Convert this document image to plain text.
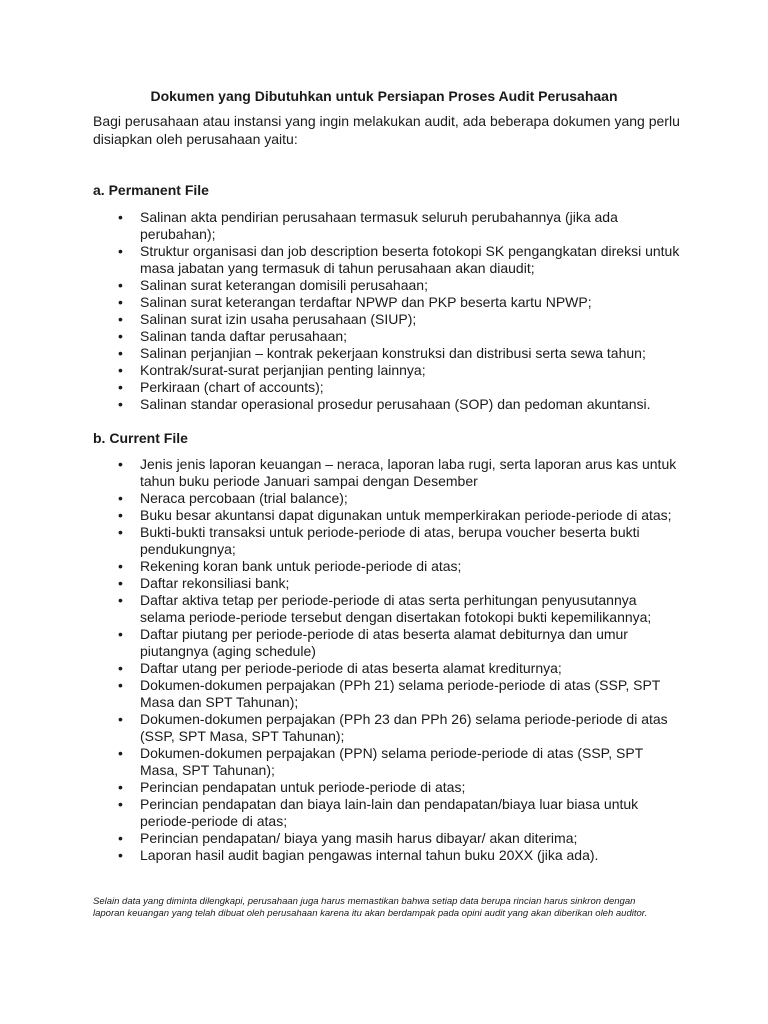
Dokumen yang Dibutuhkan untuk Persiapan Proses Audit Perusahaan

Bagi perusahaan atau instansi yang ingin melakukan audit, ada beberapa dokumen yang perlu disiapkan oleh perusahaan yaitu:

a. Permanent File

•	Salinan akta pendirian perusahaan termasuk seluruh perubahannya (jika ada perubahan);
•	Struktur organisasi dan job description beserta fotokopi SK pengangkatan direksi untuk masa jabatan yang termasuk di tahun perusahaan akan diaudit;
•	Salinan surat keterangan domisili perusahaan;
•	Salinan surat keterangan terdaftar NPWP dan PKP beserta kartu NPWP;
•	Salinan surat izin usaha perusahaan (SIUP);
•	Salinan tanda daftar perusahaan;
•	Salinan perjanjian – kontrak pekerjaan konstruksi dan distribusi serta sewa tahun;
•	Kontrak/surat-surat perjanjian penting lainnya;
•	Perkiraan (chart of accounts);
•	Salinan standar operasional prosedur perusahaan (SOP) dan pedoman akuntansi.

b. Current File

•	Jenis jenis laporan keuangan – neraca, laporan laba rugi, serta laporan arus kas untuk tahun buku periode Januari sampai dengan Desember
•	Neraca percobaan (trial balance);
•	Buku besar akuntansi dapat digunakan untuk memperkirakan periode-periode di atas;
•	Bukti-bukti transaksi untuk periode-periode di atas, berupa voucher beserta bukti pendukungnya;
•	Rekening koran bank untuk periode-periode di atas;
•	Daftar rekonsiliasi bank;
•	Daftar aktiva tetap per periode-periode di atas serta perhitungan penyusutannya selama periode-periode tersebut dengan disertakan fotokopi bukti kepemilikannya;
•	Daftar piutang per periode-periode di atas beserta alamat debiturnya dan umur piutangnya (aging schedule)
•	Daftar utang per periode-periode di atas beserta alamat krediturnya;
•	Dokumen-dokumen perpajakan (PPh 21) selama periode-periode di atas (SSP, SPT Masa dan SPT Tahunan);
•	Dokumen-dokumen perpajakan (PPh 23 dan PPh 26) selama periode-periode di atas (SSP, SPT Masa, SPT Tahunan);
•	Dokumen-dokumen perpajakan (PPN) selama periode-periode di atas (SSP, SPT Masa, SPT Tahunan);
•	Perincian pendapatan untuk periode-periode di atas;
•	Perincian pendapatan dan biaya lain-lain dan pendapatan/biaya luar biasa untuk periode-periode di atas;
•	Perincian pendapatan/ biaya yang masih harus dibayar/ akan diterima;
•	Laporan hasil audit bagian pengawas internal tahun buku 20XX (jika ada).

Selain data yang diminta dilengkapi, perusahaan juga harus memastikan bahwa setiap data berupa rincian harus sinkron dengan laporan keuangan yang telah dibuat oleh perusahaan karena itu akan berdampak pada opini audit yang akan diberikan oleh auditor.
